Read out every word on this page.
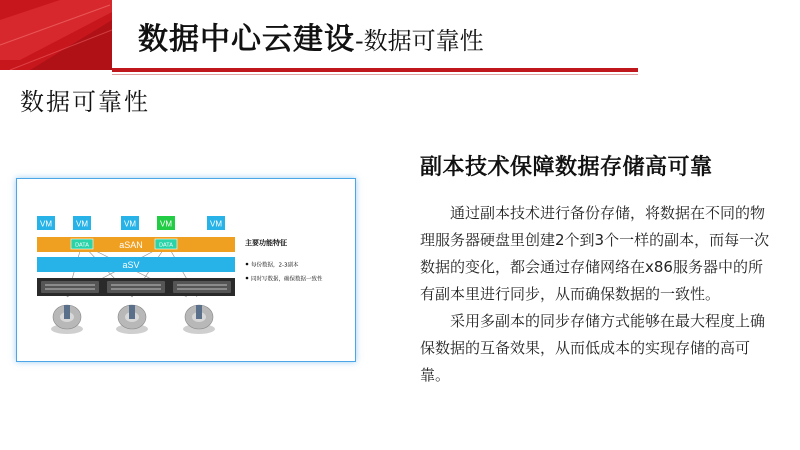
数据中心云建设-数据可靠性
数据可靠性
VM	VM	VM	VM	VM
DATA	DATA
aSAN
aSV
主要功能特征
每份数据，2-3副本
同时写数据，确保数据一致性
副本技术保障数据存储高可靠

通过副本技术进行备份存储，将数据在不同的物理服务器硬盘里创建2个到3个一样的副本，而每一次数据的变化，都会通过存储网络在x86服务器中的所有副本里进行同步，从而确保数据的一致性。

采用多副本的同步存储方式能够在最大程度上确保数据的互备效果，从而低成本的实现存储的高可靠。
